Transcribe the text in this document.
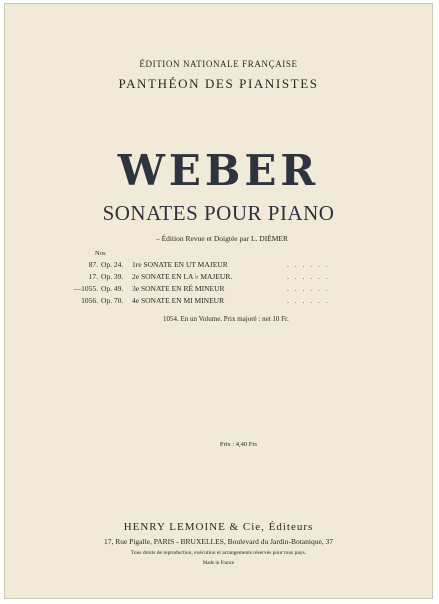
ÉDITION NATIONALE FRANÇAISE
PANTHÉON DES PIANISTES
WEBER
SONATES POUR PIANO
– Édition Revue et Doigtée par L. DIÉMER
Nos
87. Op. 24. 1re SONATE EN UT MAJEUR	. . . . . .
17. Op. 39. 2e SONATE EN LA ♭ MAJEUR.	. . . . . .
—1055. Op. 49. 3e SONATE EN RÉ MINEUR	. . . . . .
1056. Op. 70. 4e SONATE EN MI MINEUR	. . . . . .
1054. En un Volume. Prix majoré : net 10 Fr.
Prix : 4,40 Frs
HENRY LEMOINE & Cie, Éditeurs
17, Rue Pigalle, PARIS - BRUXELLES, Boulevard du Jardin-Botanique, 37
Tous droits de reproduction, exécution et arrangements réservés pour tous pays.
Made in France
